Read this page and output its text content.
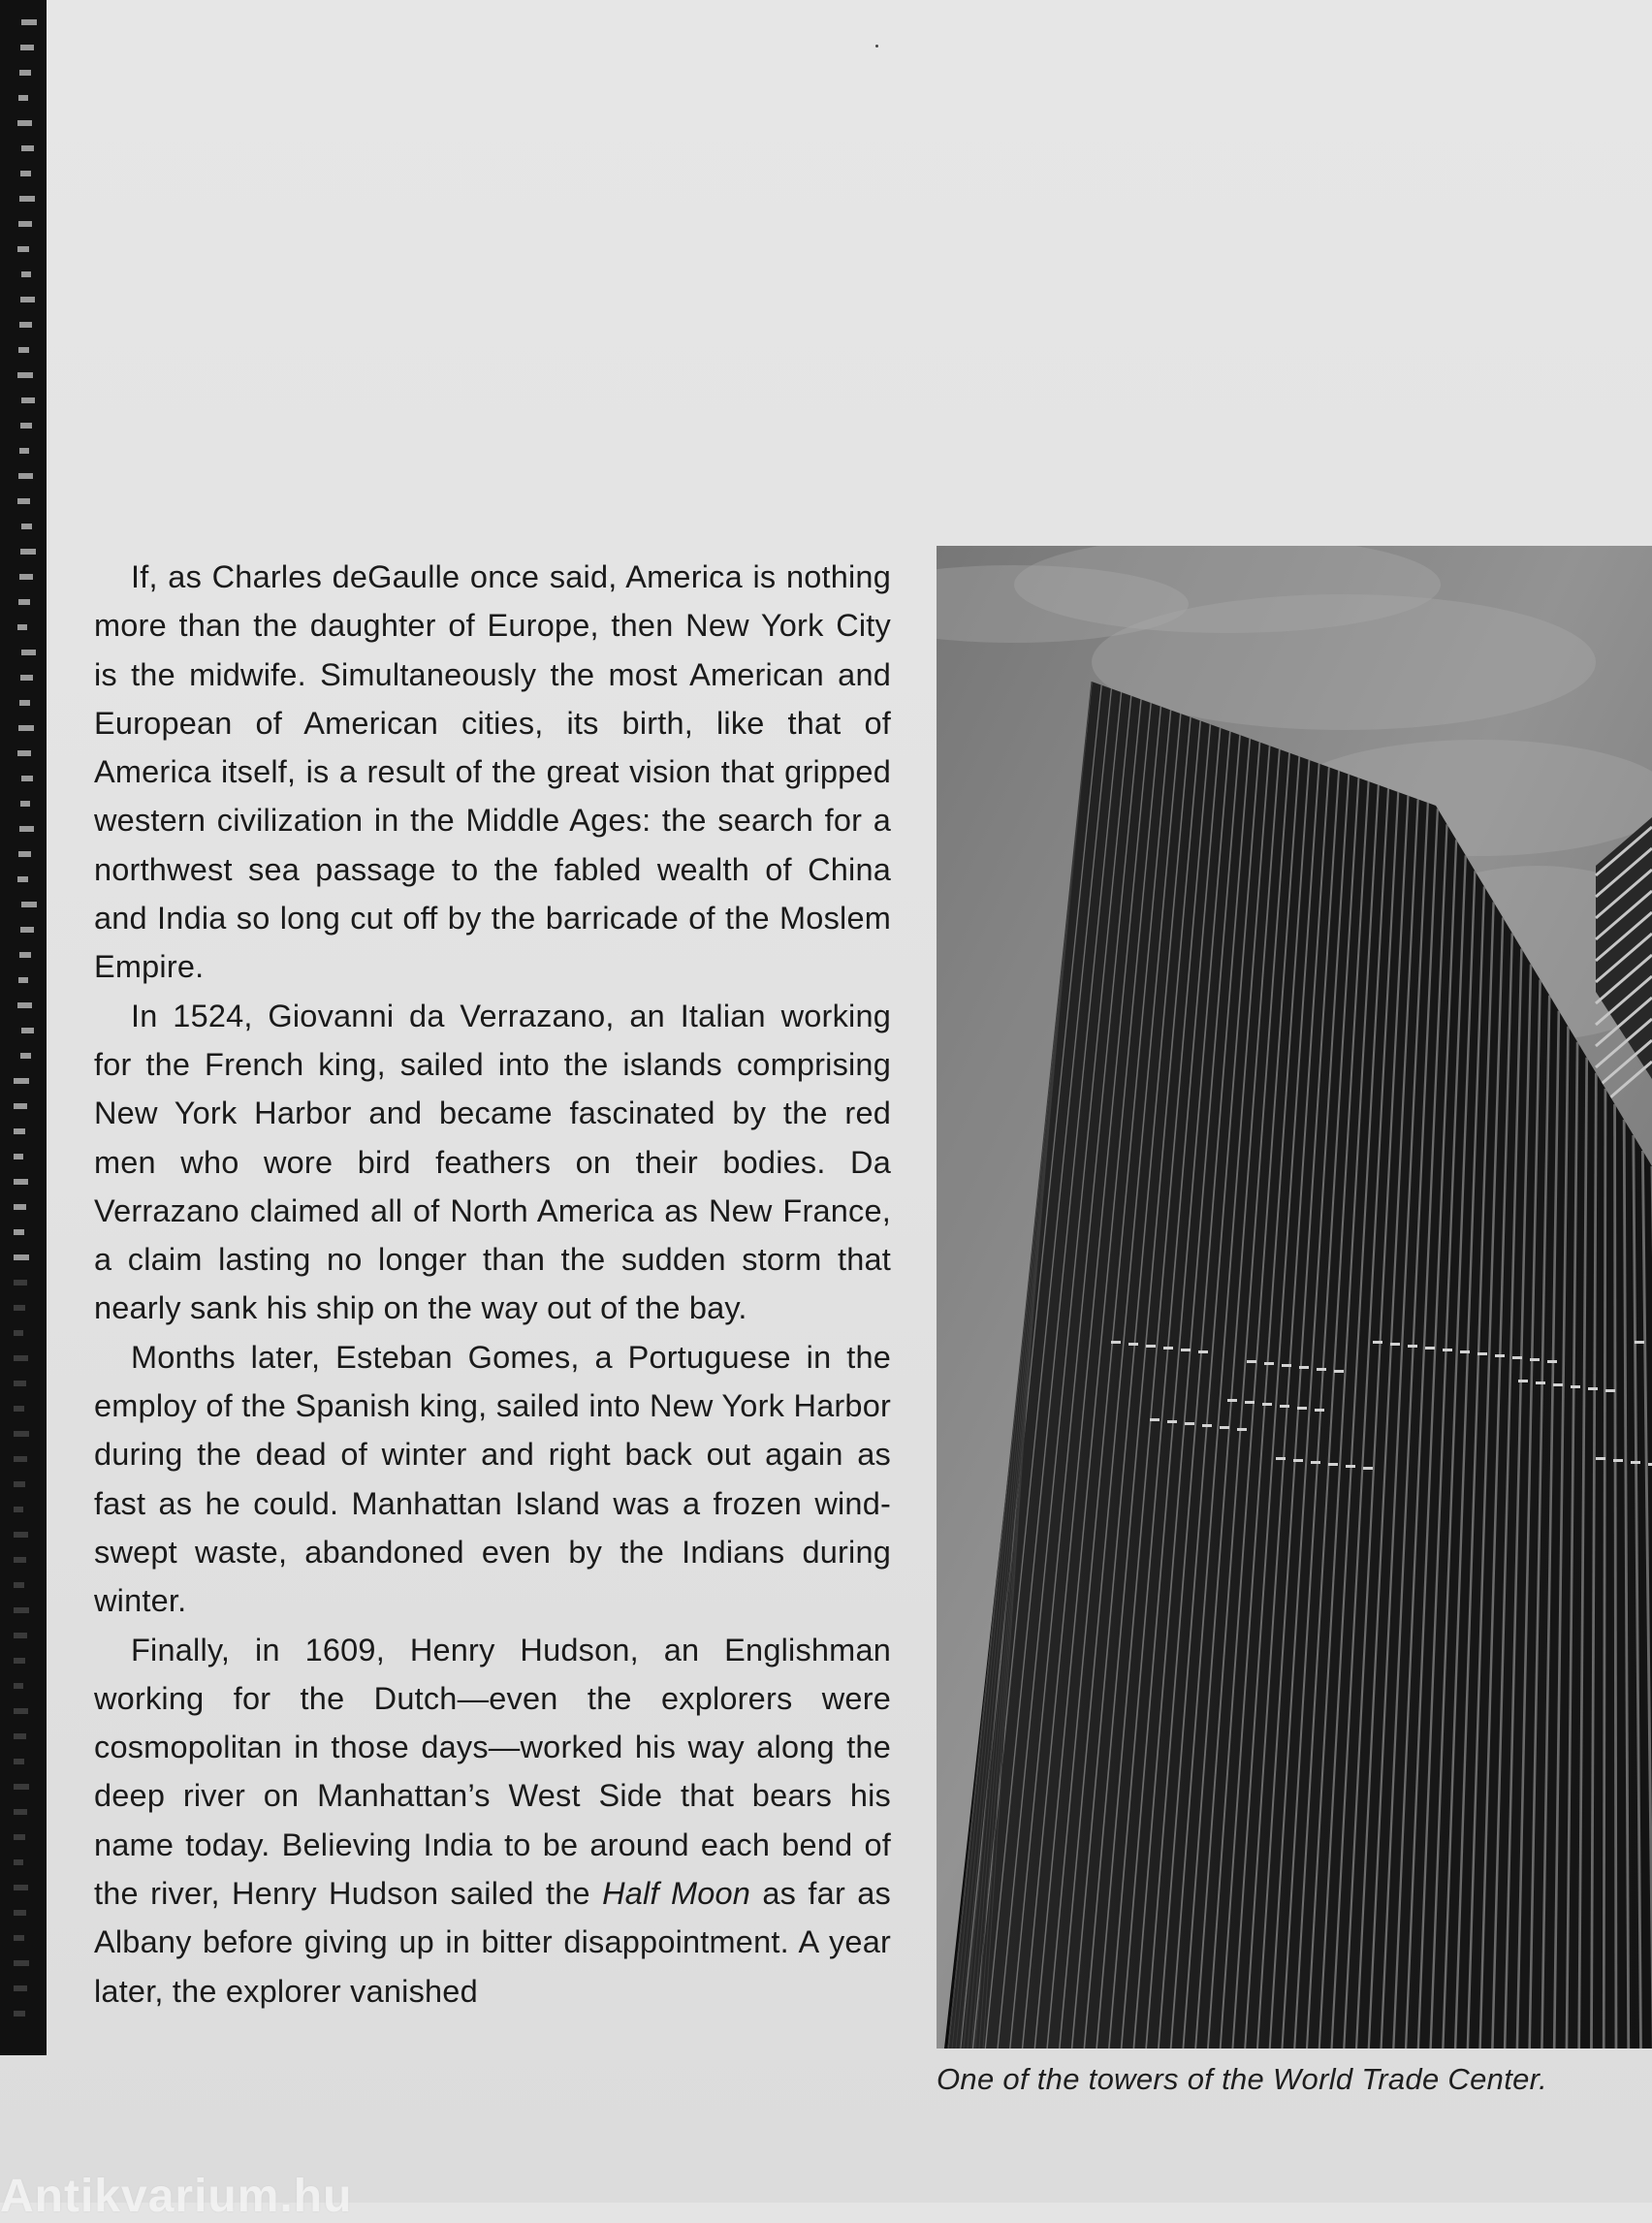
If, as Charles deGaulle once said, America is nothing more than the daughter of Europe, then New York City is the midwife. Simultaneously the most American and European of American cities, its birth, like that of America itself, is a result of the great vision that gripped western civilization in the Middle Ages: the search for a northwest sea passage to the fabled wealth of China and India so long cut off by the barricade of the Moslem Empire.

In 1524, Giovanni da Verrazano, an Italian working for the French king, sailed into the islands comprising New York Harbor and became fascinated by the red men who wore bird feathers on their bodies. Da Verrazano claimed all of North America as New France, a claim lasting no longer than the sudden storm that nearly sank his ship on the way out of the bay.

Months later, Esteban Gomes, a Portuguese in the employ of the Spanish king, sailed into New York Harbor during the dead of winter and right back out again as fast as he could. Manhattan Island was a frozen wind-swept waste, abandoned even by the Indians during winter.

Finally, in 1609, Henry Hudson, an Englishman working for the Dutch—even the explorers were cosmopolitan in those days—worked his way along the deep river on Manhattan’s West Side that bears his name today. Believing India to be around each bend of the river, Henry Hudson sailed the Half Moon as far as Albany before giving up in bitter disappointment. A year later, the explorer vanished

One of the towers of the World Trade Center.
Antikvarium.hu
